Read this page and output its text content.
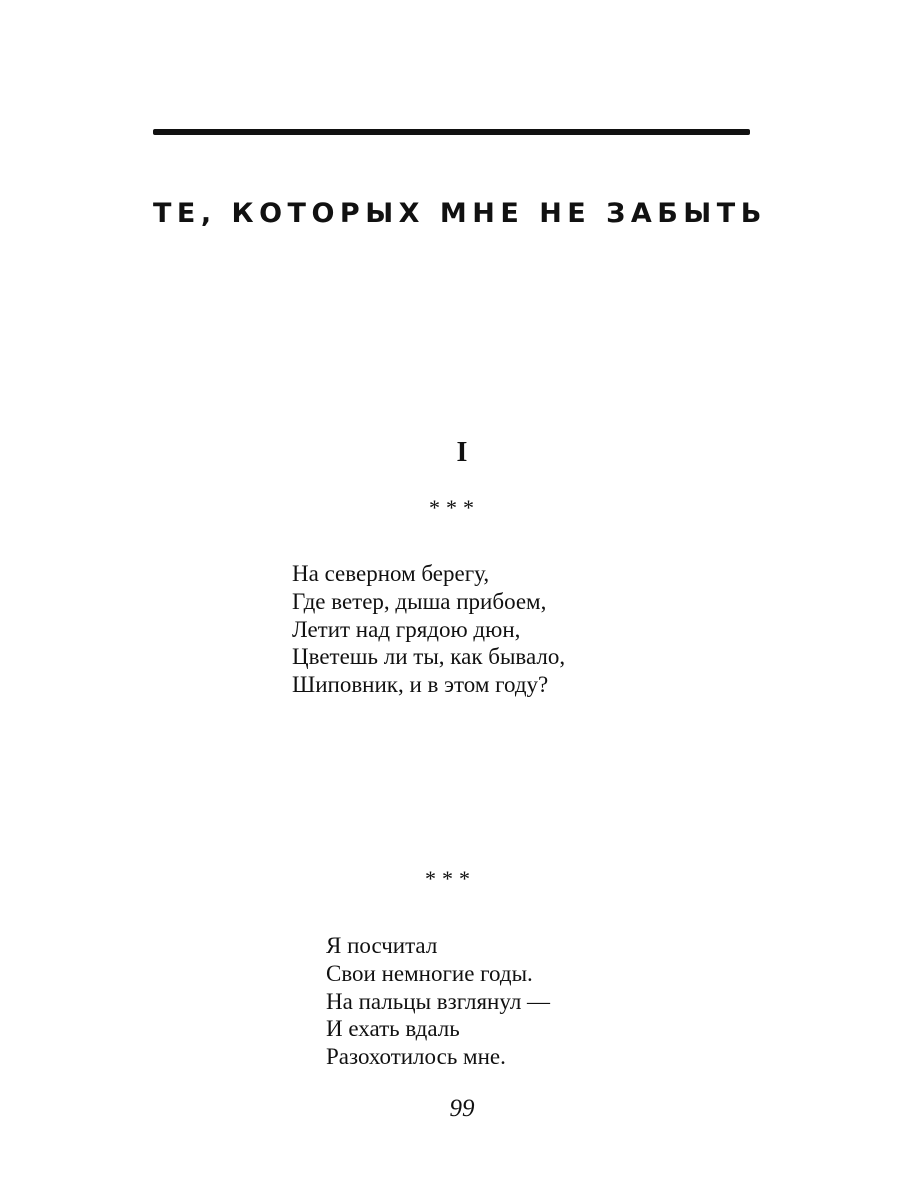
ТЕ, КОТОРЫХ МНЕ НЕ ЗАБЫТЬ
I
***
На северном берегу,
Где ветер, дыша прибоем,
Летит над грядою дюн,
Цветешь ли ты, как бывало,
Шиповник, и в этом году?
***
Я посчитал
Свои немногие годы.
На пальцы взглянул —
И ехать вдаль
Разохотилось мне.
99
